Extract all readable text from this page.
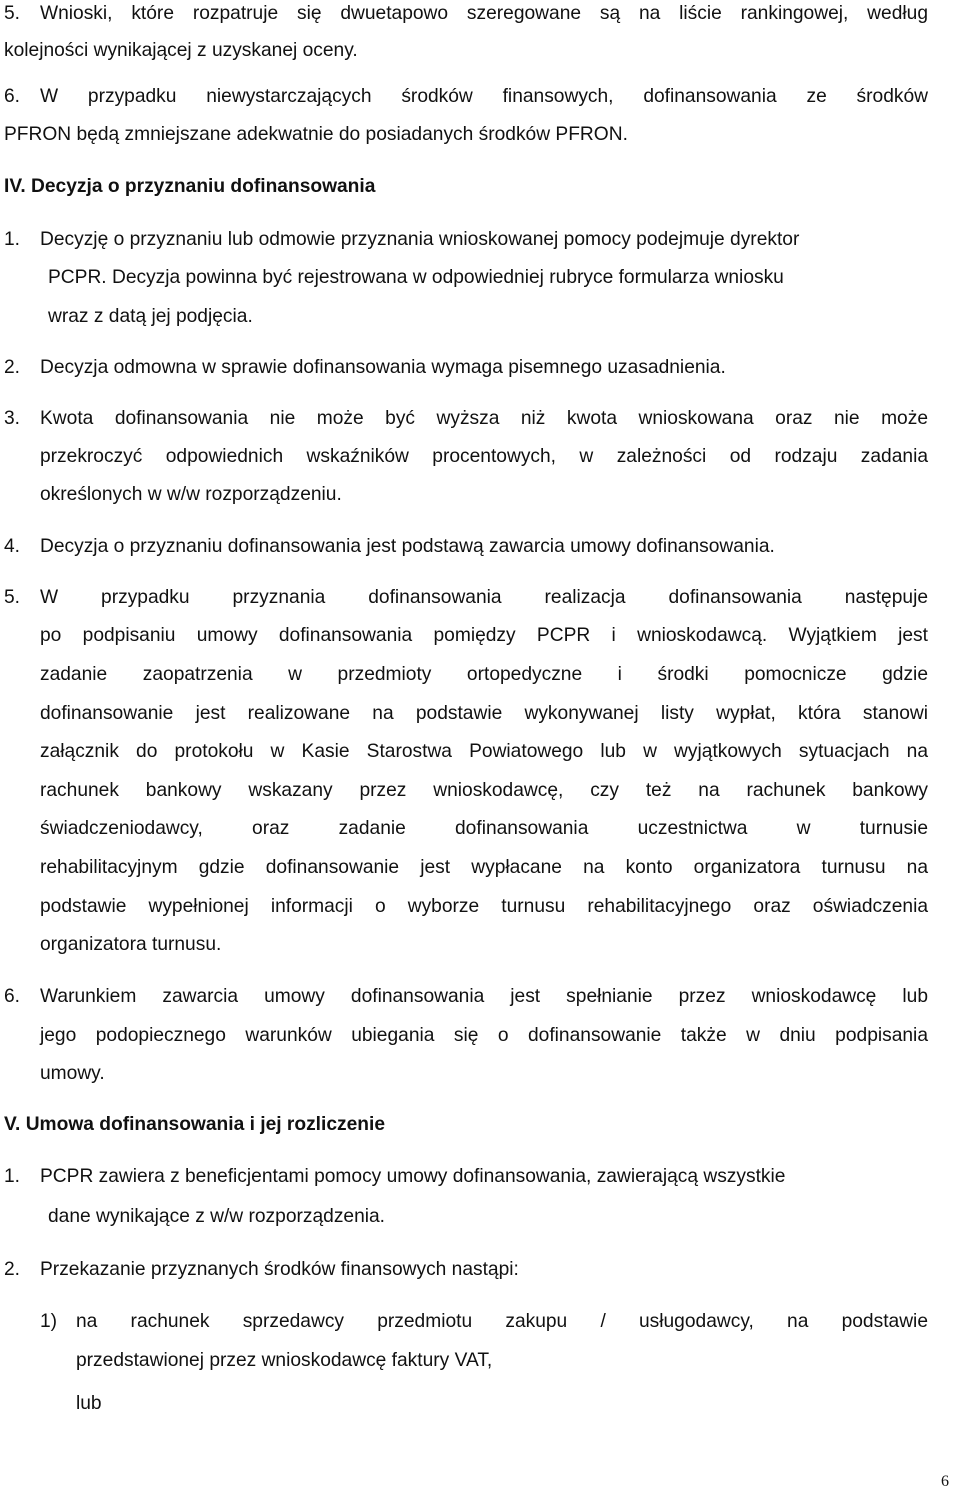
5. Wnioski, które rozpatruje się dwuetapowo szeregowane są na liście rankingowej, według
kolejności wynikającej z uzyskanej oceny.
6. W przypadku niewystarczających środków finansowych, dofinansowania ze środków
PFRON będą zmniejszane adekwatnie do posiadanych środków PFRON.
IV. Decyzja o przyznaniu dofinansowania
1. Decyzję o przyznaniu lub odmowie przyznania wnioskowanej pomocy podejmuje dyrektor
PCPR. Decyzja powinna być rejestrowana w odpowiedniej rubryce formularza wniosku
wraz z datą jej podjęcia.
2. Decyzja odmowna w sprawie dofinansowania wymaga pisemnego uzasadnienia.
3. Kwota dofinansowania nie może być wyższa niż kwota wnioskowana oraz nie może
przekroczyć odpowiednich wskaźników procentowych, w zależności od rodzaju zadania
określonych w w/w rozporządzeniu.
4. Decyzja o przyznaniu dofinansowania jest podstawą zawarcia umowy dofinansowania.
5. W przypadku przyznania dofinansowania realizacja dofinansowania następuje
po podpisaniu umowy dofinansowania pomiędzy PCPR i wnioskodawcą. Wyjątkiem jest
zadanie zaopatrzenia w przedmioty ortopedyczne i środki pomocnicze gdzie
dofinansowanie jest realizowane na podstawie wykonywanej listy wypłat, która stanowi
załącznik do protokołu w Kasie Starostwa Powiatowego lub w wyjątkowych sytuacjach na
rachunek bankowy wskazany przez wnioskodawcę, czy też na rachunek bankowy
świadczeniodawcy, oraz zadanie dofinansowania uczestnictwa w turnusie
rehabilitacyjnym gdzie dofinansowanie jest wypłacane na konto organizatora turnusu na
podstawie wypełnionej informacji o wyborze turnusu rehabilitacyjnego oraz oświadczenia
organizatora turnusu.
6. Warunkiem zawarcia umowy dofinansowania jest spełnianie przez wnioskodawcę lub
jego podopiecznego warunków ubiegania się o dofinansowanie także w dniu podpisania
umowy.
V. Umowa dofinansowania i jej rozliczenie
1. PCPR zawiera z beneficjentami pomocy umowy dofinansowania, zawierającą wszystkie
dane wynikające z w/w rozporządzenia.
2. Przekazanie przyznanych środków finansowych nastąpi:
1) na rachunek sprzedawcy przedmiotu zakupu / usługodawcy, na podstawie
przedstawionej przez wnioskodawcę faktury VAT,
lub
6
